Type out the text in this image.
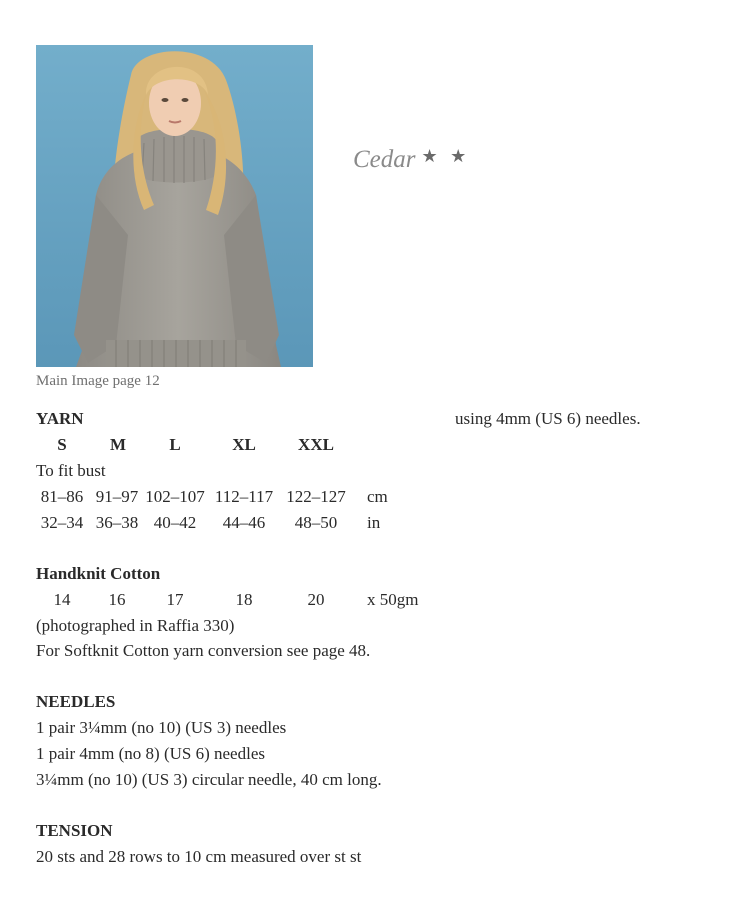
Main Image page 12
Cedar ★ ★
using 4mm (US 6) needles.
YARN
S	M	L	XL XXL
To fit bust
81–86 91–97 102–107 112–117 122–127 cm
32–34 36–38 40–42 44–46 48–50 in
Handknit Cotton
14 16 17	18	20	x 50gm
(photographed in Raffia 330)
For Softknit Cotton yarn conversion see page 48.
NEEDLES
1 pair 3¼mm (no 10) (US 3) needles
1 pair 4mm (no 8) (US 6) needles
3¼mm (no 10) (US 3) circular needle, 40 cm long.
TENSION
20 sts and 28 rows to 10 cm measured over st st
